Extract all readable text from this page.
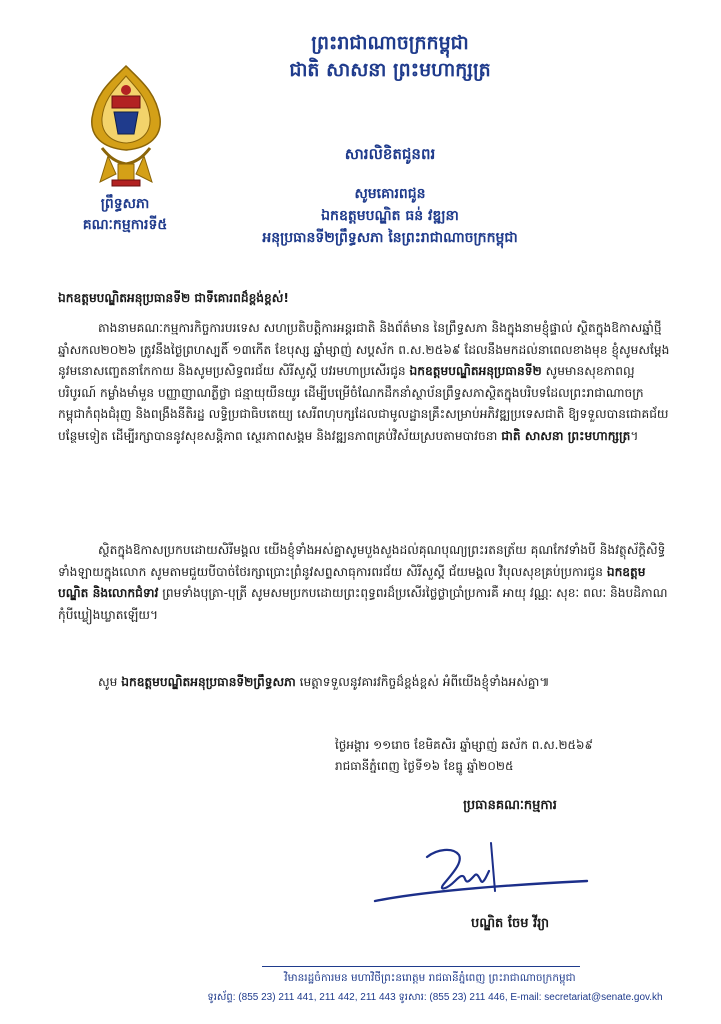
ព្រះរាជាណាចក្រកម្ពុជា
ជាតិ សាសនា ព្រះមហាក្សត្រ
ព្រឹទ្ធសភា
គណៈកម្មការទី៥
សារលិខិតជូនពរ
សូមគោរពជូន
ឯកឧត្តមបណ្ឌិត ធន់ វឌ្ឍនា
អនុប្រធានទី២ព្រឹទ្ធសភា នៃព្រះរាជាណាចក្រកម្ពុជា
ឯកឧត្តមបណ្ឌិតអនុប្រធានទី២ ជាទីគោរពដ៏ខ្ពង់ខ្ពស់!
តាងនាមគណៈកម្មការកិច្ចការបរទេស សហប្រតិបត្តិការអន្តរជាតិ និងព័ត៌មាន នៃព្រឹទ្ធសភា និងក្នុងនាមខ្ញុំផ្ទាល់ ស្ថិតក្នុងឱកាសឆ្នាំថ្មី ឆ្នាំសកល២០២៦ ត្រូវនឹងថ្ងៃព្រហស្បតិ៍ ១៣កើត ខែបុស្ស ឆ្នាំម្សាញ់ សប្តស័ក ព.ស.២៥៦៩ ដែលនឹងមកដល់នាពេលខាងមុខ ខ្ញុំសូមសម្តែងនូវមនោសញ្ចេតនាកែកាយ និងសូមប្រសិទ្ធពរជ័យ សិរីសួស្តី បវរមហាប្រសើរជូន ឯកឧត្តមបណ្ឌិតអនុប្រធានទី២ សូមមានសុខភាពល្អបរិបូរណ៍ កម្លាំងមាំមួន បញ្ញាញាណភ្លឺថ្លា ជន្មាយុយឺនយូរ ដើម្បីបម្រើចំណែកដឹកនាំស្ថាប័នព្រឹទ្ធសភាស្ថិតក្នុងបរិបទដែលព្រះរាជាណាចក្រកម្ពុជាកំពុងជំរុញ និងពង្រឹងនីតិរដ្ឋ លទ្ធិប្រជាធិបតេយ្យ សេរីពហុបក្សដែលជាមូលដ្ឋានគ្រឹះសម្រាប់អភិវឌ្ឍប្រទេសជាតិ ឱ្យទទួលបានជោគជ័យបន្ថែមទៀត ដើម្បីរក្សាបាននូវសុខសន្តិភាព ស្ថេរភាពសង្គម និងវឌ្ឍនភាពគ្រប់វិស័យស្របតាមបាវចនា ជាតិ សាសនា ព្រះមហាក្សត្រ។
ស្ថិតក្នុងឱកាសប្រកបដោយសិរីមង្គល យើងខ្ញុំទាំងអស់គ្នាសូមបួងសួងដល់គុណបុណ្យព្រះរតនត្រ័យ គុណកែវទាំងបី និងវត្ថុស័ក្តិសិទ្ធិទាំងឡាយក្នុងលោក សូមតាមជួយបីបាច់ថែរក្សាប្រោះព្រំនូវសព្ទសាធុការពរជ័យ សិរីសួស្តី ជ័យមង្គល វិបុលសុខគ្រប់ប្រការជូន ឯកឧត្តមបណ្ឌិត និងលោកជំទាវ ព្រមទាំងបុត្រា-បុត្រី សូមសមប្រកបដោយព្រះពុទ្ធពរដ៏ប្រសើរថ្លៃថ្លាប្រាំប្រការគឺ អាយុ វណ្ណៈ សុខៈ ពលៈ និងបដិភាណ កុំបីឃ្លៀងឃ្លាតឡើយ។
សូម ឯកឧត្តមបណ្ឌិតអនុប្រធានទី២ព្រឹទ្ធសភា មេត្តាទទួលនូវគារវកិច្ចដ៏ខ្ពង់ខ្ពស់ អំពីយើងខ្ញុំទាំងអស់គ្នា៕
ថ្ងៃអង្គារ ១១រោច ខែមិគសិរ ឆ្នាំម្សាញ់ ឆស័ក ព.ស.២៥៦៩
រាជធានីភ្នំពេញ ថ្ងៃទី១៦ ខែធ្នូ ឆ្នាំ២០២៥
ប្រធានគណៈកម្មការ
បណ្ឌិត ចែម វីរ្យា
វិមានរដ្ឋចំការមន មហាវិថីព្រះនរោត្តម រាជធានីភ្នំពេញ ព្រះរាជាណាចក្រកម្ពុជា
ទូរស័ព្ទ: (855 23) 211 441, 211 442, 211 443 ទូរសារ: (855 23) 211 446, E-mail: secretariat@senate.gov.kh
